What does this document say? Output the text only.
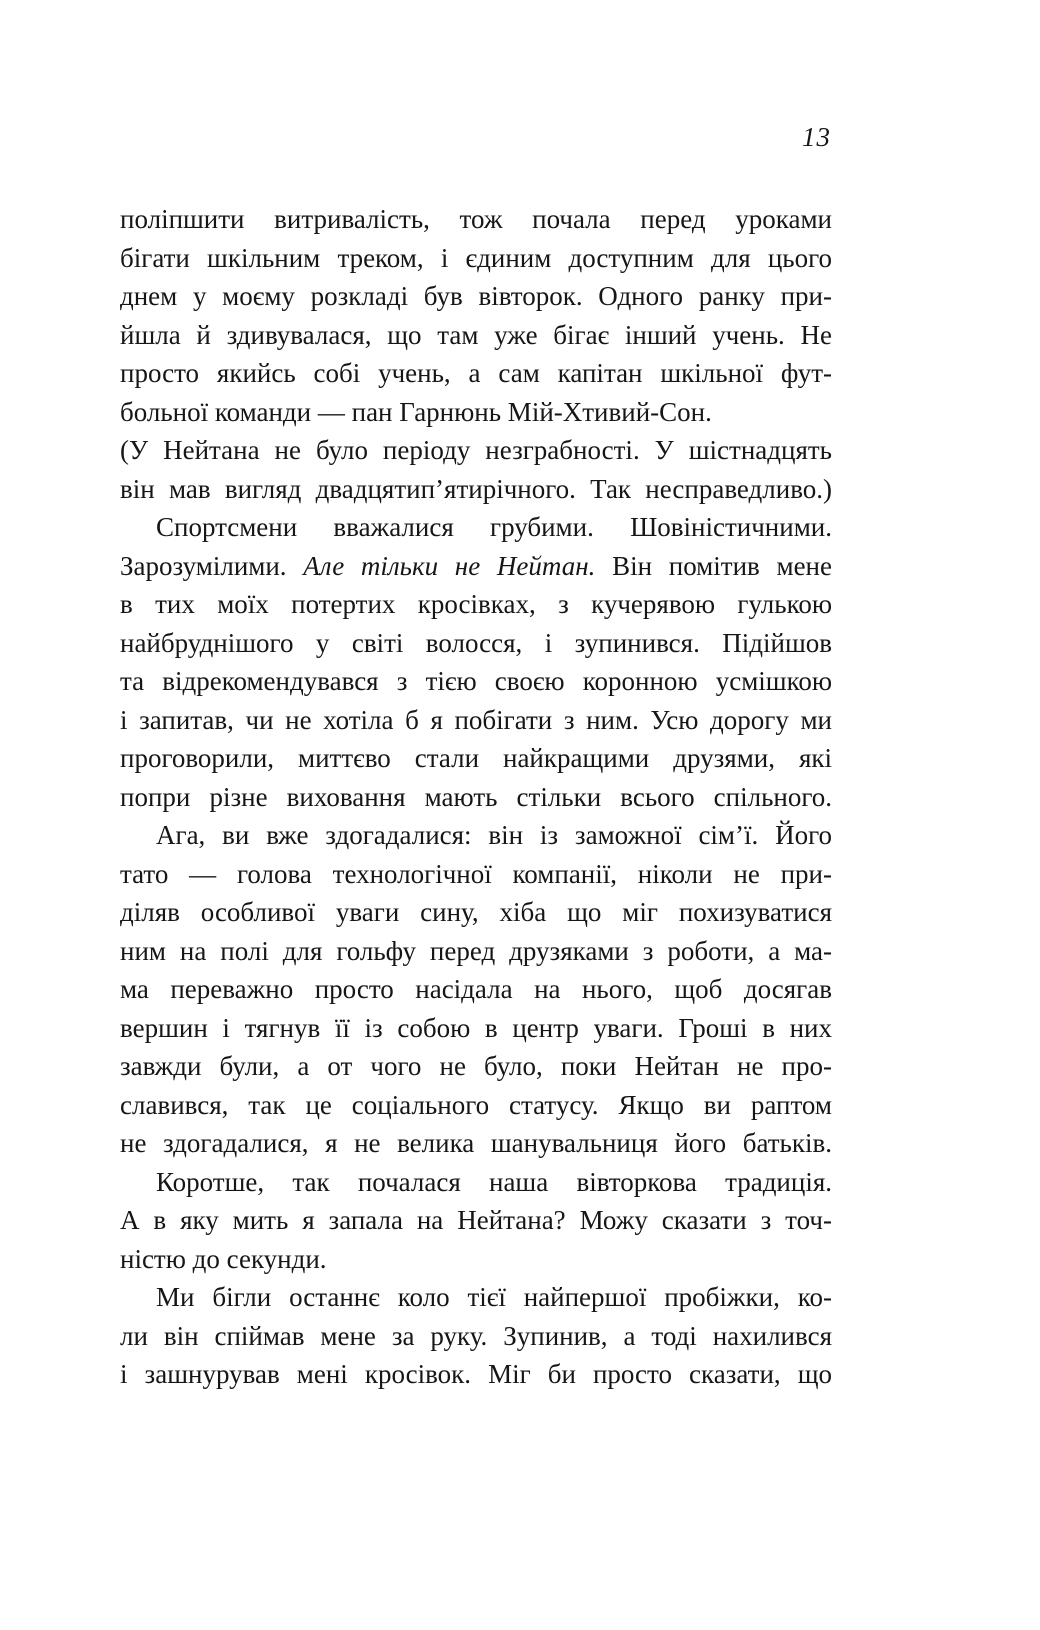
13
поліпшити витривалість, тож почала перед уроками
бігати шкільним треком, і єдиним доступним для цього
днем у моєму розкладі був вівторок. Одного ранку при-
йшла й здивувалася, що там уже бігає інший учень. Не
просто якийсь собі учень, а сам капітан шкільної фут-
больної команди — пан Гарнюнь Мій-Хтивий-Сон.
(У Нейтана не було періоду незграбності. У шістнадцять
він мав вигляд двадцятип’ятирічного. Так несправедливо.)
Спортсмени вважалися грубими. Шовіністичними.
Зарозумілими. Але тільки не Нейтан. Він помітив мене
в тих моїх потертих кросівках, з кучерявою гулькою
найбруднішого у світі волосся, і зупинився. Підійшов
та відрекомендувався з тією своєю коронною усмішкою
і запитав, чи не хотіла б я побігати з ним. Усю дорогу ми
проговорили, миттєво стали найкращими друзями, які
попри різне виховання мають стільки всього спільного.
Ага, ви вже здогадалися: він із заможної сім’ї. Його
тато — голова технологічної компанії, ніколи не при-
діляв особливої уваги сину, хіба що міг похизуватися
ним на полі для гольфу перед друзяками з роботи, а ма-
ма переважно просто насідала на нього, щоб досягав
вершин і тягнув її із собою в центр уваги. Гроші в них
завжди були, а от чого не було, поки Нейтан не про-
славився, так це соціального статусу. Якщо ви раптом
не здогадалися, я не велика шанувальниця його батьків.
Коротше, так почалася наша вівторкова традиція.
А в яку мить я запала на Нейтана? Можу сказати з точ-
ністю до секунди.
Ми бігли останнє коло тієї найпершої пробіжки, ко-
ли він спіймав мене за руку. Зупинив, а тоді нахилився
і зашнурував мені кросівок. Міг би просто сказати, що
